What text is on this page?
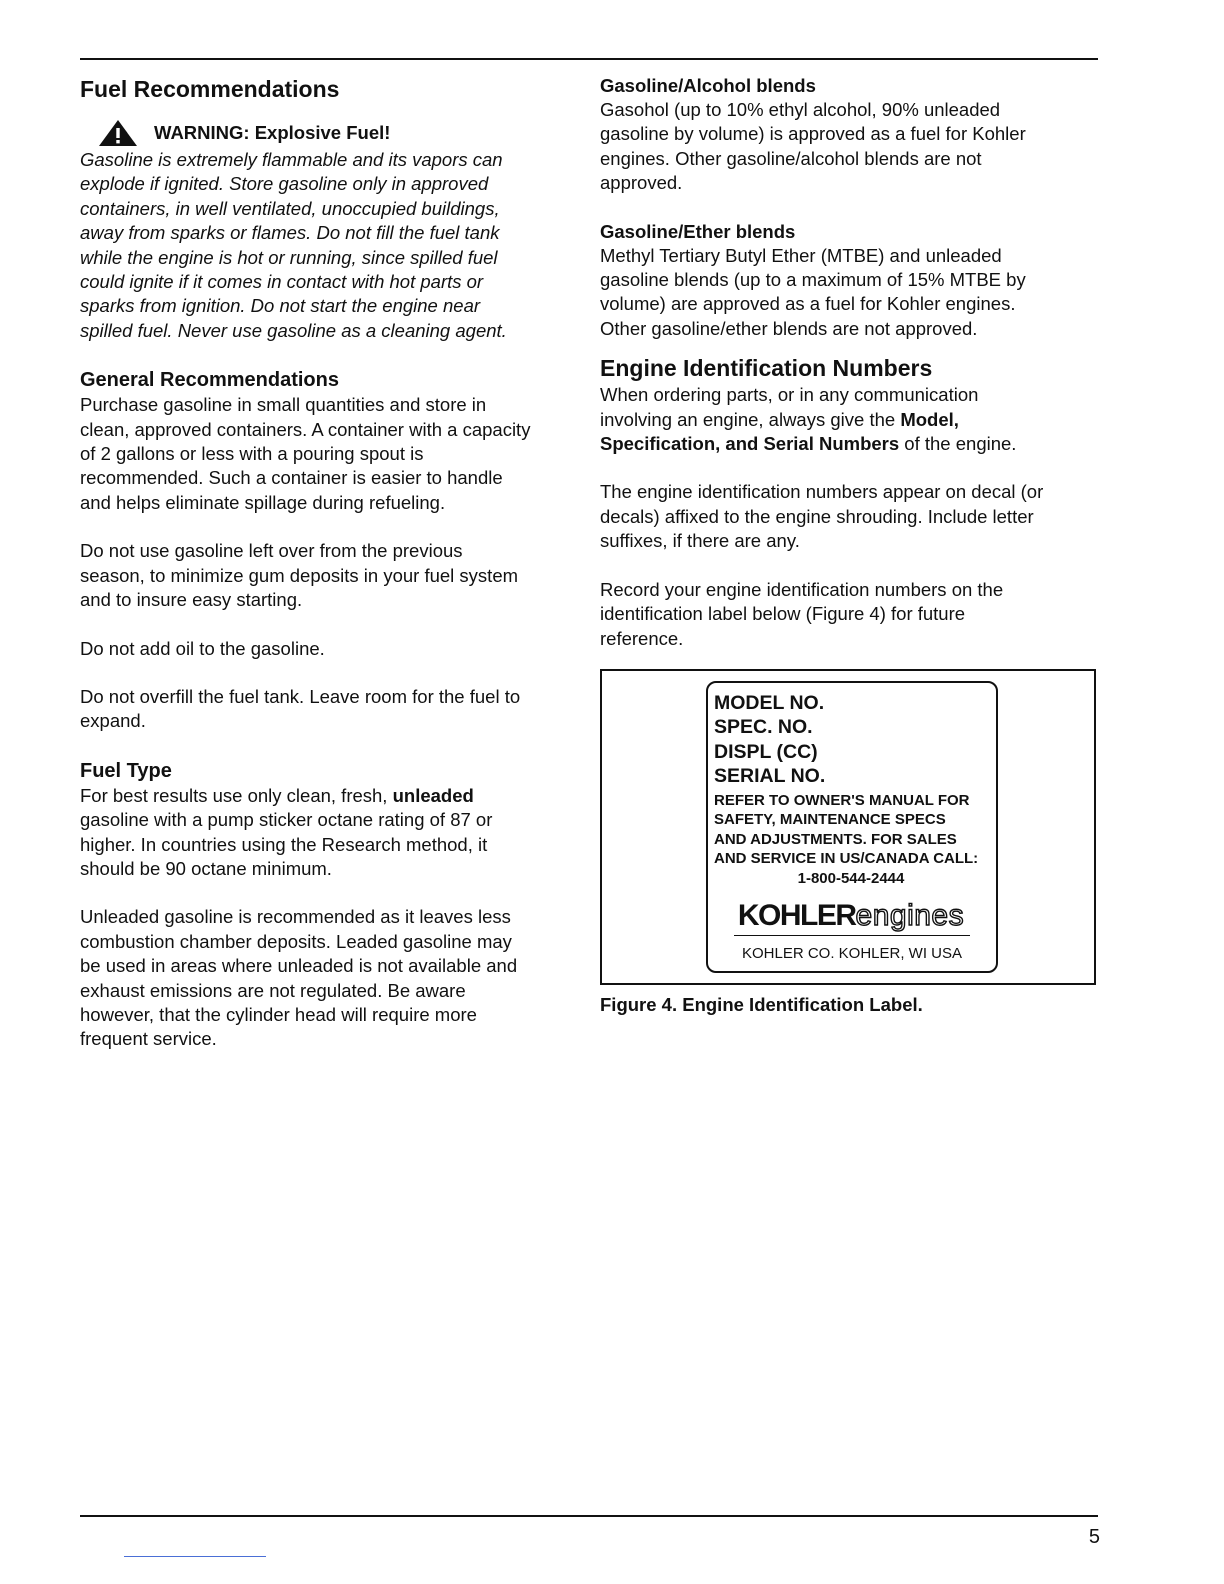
Fuel Recommendations
WARNING: Explosive Fuel!

Gasoline is extremely flammable and its vapors can

explode if ignited. Store gasoline only in approved

containers, in well ventilated, unoccupied buildings,

away from sparks or flames. Do not fill the fuel tank

while the engine is hot or running, since spilled fuel

could ignite if it comes in contact with hot parts or

sparks from ignition. Do not start the engine near

spilled fuel. Never use gasoline as a cleaning agent.

General Recommendations

Purchase gasoline in small quantities and store in

clean, approved containers. A container with a capacity

of 2 gallons or less with a pouring spout is

recommended. Such a container is easier to handle

and helps eliminate spillage during refueling.

Do not use gasoline left over from the previous

season, to minimize gum deposits in your fuel system

and to insure easy starting.

Do not add oil to the gasoline.

Do not overfill the fuel tank. Leave room for the fuel to

expand.

Fuel Type

For best results use only clean, fresh, unleaded

gasoline with a pump sticker octane rating of 87 or

higher. In countries using the Research method, it

should be 90 octane minimum.

Unleaded gasoline is recommended as it leaves less

combustion chamber deposits. Leaded gasoline may

be used in areas where unleaded is not available and

exhaust emissions are not regulated. Be aware

however, that the cylinder head will require more

frequent service.

Gasoline/Alcohol blends

Gasohol (up to 10% ethyl alcohol, 90% unleaded

gasoline by volume) is approved as a fuel for Kohler

engines. Other gasoline/alcohol blends are not

approved.

Gasoline/Ether blends

Methyl Tertiary Butyl Ether (MTBE) and unleaded

gasoline blends (up to a maximum of 15% MTBE by

volume) are approved as a fuel for Kohler engines.

Other gasoline/ether blends are not approved.

Engine Identification Numbers

When ordering parts, or in any communication

involving an engine, always give the Model,

Specification, and Serial Numbers of the engine.

The engine identification numbers appear on decal (or

decals) affixed to the engine shrouding. Include letter

suffixes, if there are any.

Record your engine identification numbers on the

identification label below (Figure 4) for future

reference.

MODEL NO.
SPEC. NO.
DISPL (CC)
SERIAL NO.
REFER TO OWNER'S MANUAL FOR
SAFETY, MAINTENANCE SPECS
AND ADJUSTMENTS. FOR SALES
AND SERVICE IN US/CANADA CALL:
1-800-544-2444
KOHLERengines
KOHLER CO. KOHLER, WI USA
Figure 4. Engine Identification Label.
5
